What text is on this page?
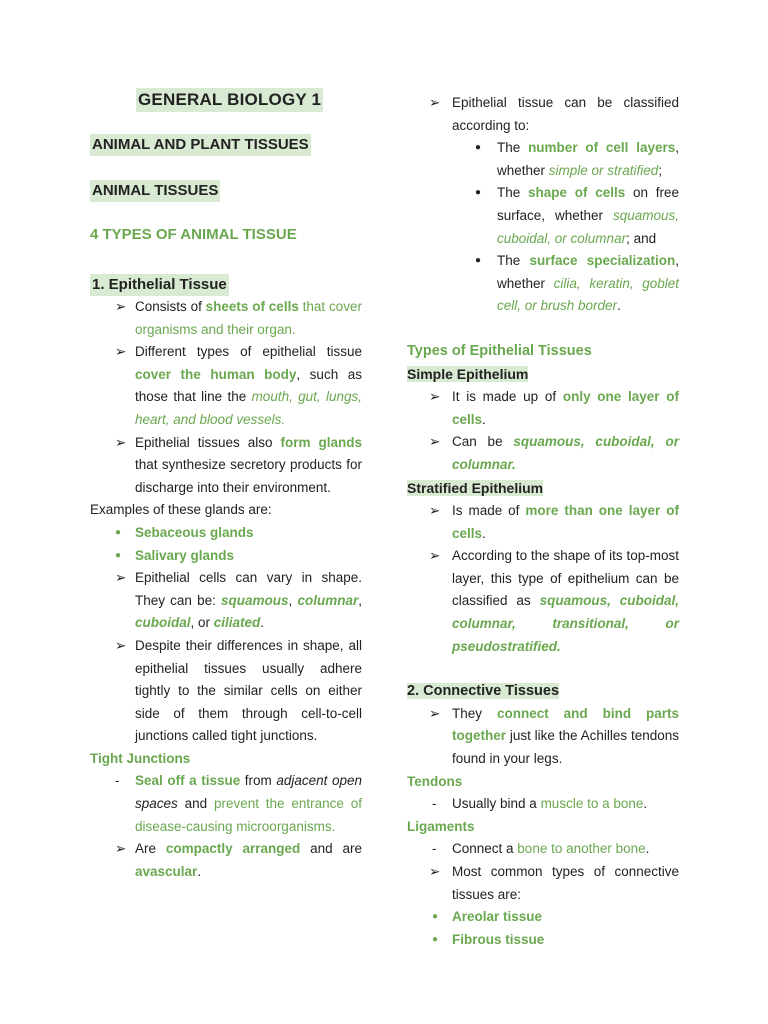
GENERAL BIOLOGY 1
ANIMAL AND PLANT TISSUES
ANIMAL TISSUES
4 TYPES OF ANIMAL TISSUE
1. Epithelial Tissue

➢ Consists of sheets of cells that cover organisms and their organ.

➢ Different types of epithelial tissue cover the human body, such as those that line the mouth, gut, lungs, heart, and blood vessels.

➢ Epithelial tissues also form glands that synthesize secretory products for discharge into their environment.

Examples of these glands are:

● Sebaceous glands

● Salivary glands

➢ Epithelial cells can vary in shape. They can be: squamous, columnar, cuboidal, or ciliated.

➢ Despite their differences in shape, all epithelial tissues usually adhere tightly to the similar cells on either side of them through cell-to-cell junctions called tight junctions.

Tight Junctions

- Seal off a tissue from adjacent open spaces and prevent the entrance of disease-causing microorganisms.

➢ Are compactly arranged and are avascular.

➢ Epithelial tissue can be classified according to:

● The number of cell layers, whether simple or stratified;

● The shape of cells on free surface, whether squamous, cuboidal, or columnar; and

● The surface specialization, whether cilia, keratin, goblet cell, or brush border.

Types of Epithelial Tissues

Simple Epithelium

➢ It is made up of only one layer of cells.

➢ Can be squamous, cuboidal, or columnar.

Stratified Epithelium

➢ Is made of more than one layer of cells.

➢ According to the shape of its top-most layer, this type of epithelium can be classified as squamous, cuboidal, columnar, transitional, or pseudostratified.

2. Connective Tissues

➢ They connect and bind parts together just like the Achilles tendons found in your legs.

Tendons

- Usually bind a muscle to a bone.

Ligaments

- Connect a bone to another bone.

➢ Most common types of connective tissues are:

● Areolar tissue

● Fibrous tissue
